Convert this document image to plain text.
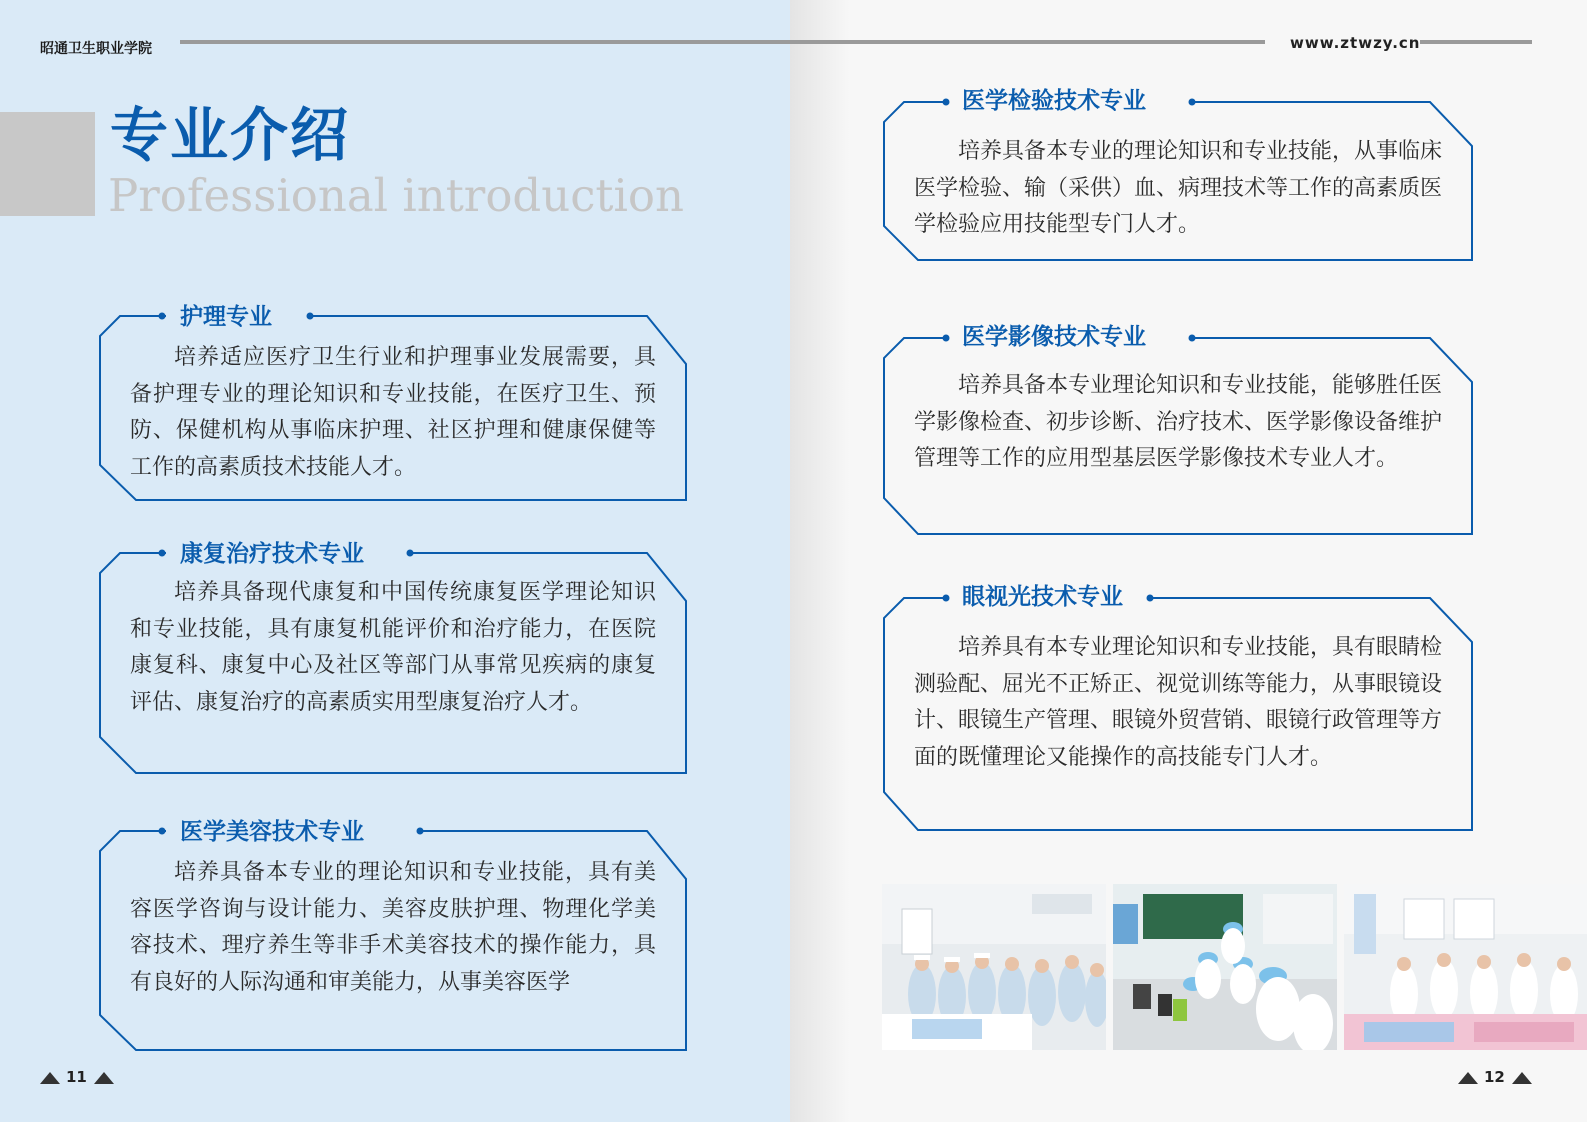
昭通卫生职业学院	www.ztwzy.cn
专业介绍
Professional introduction
护理专业

培养适应医疗卫生行业和护理事业发展需要，具备护理专业的理论知识和专业技能，在医疗卫生、预防、保健机构从事临床护理、社区护理和健康保健等工作的高素质技术技能人才。

康复治疗技术专业

培养具备现代康复和中国传统康复医学理论知识和专业技能，具有康复机能评价和治疗能力，在医院康复科、康复中心及社区等部门从事常见疾病的康复评估、康复治疗的高素质实用型康复治疗人才。

医学美容技术专业

培养具备本专业的理论知识和专业技能，具有美容医学咨询与设计能力、美容皮肤护理、物理化学美容技术、理疗养生等非手术美容技术的操作能力，具有良好的人际沟通和审美能力，从事美容医学

医学检验技术专业

培养具备本专业的理论知识和专业技能，从事临床医学检验、输（采供）血、病理技术等工作的高素质医学检验应用技能型专门人才。

医学影像技术专业

培养具备本专业理论知识和专业技能，能够胜任医学影像检查、初步诊断、治疗技术、医学影像设备维护管理等工作的应用型基层医学影像技术专业人才。

眼视光技术专业

培养具有本专业理论知识和专业技能，具有眼睛检测验配、屈光不正矫正、视觉训练等能力，从事眼镜设计、眼镜生产管理、眼镜外贸营销、眼镜行政管理等方面的既懂理论又能操作的高技能专门人才。

11	12
